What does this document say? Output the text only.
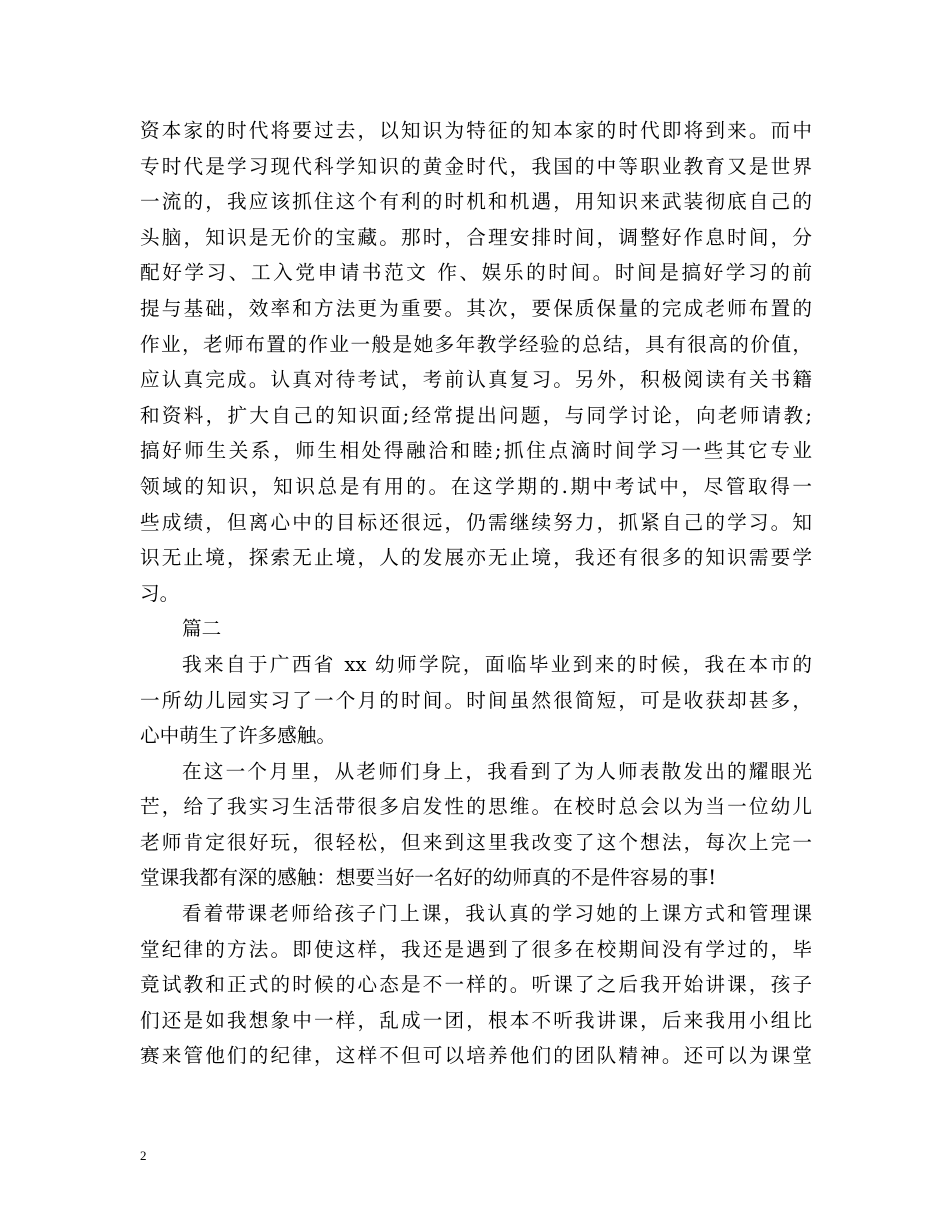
资本家的时代将要过去，以知识为特征的知本家的时代即将到来。而中
专时代是学习现代科学知识的黄金时代，我国的中等职业教育又是世界
一流的，我应该抓住这个有利的时机和机遇，用知识来武装彻底自己的
头脑，知识是无价的宝藏。那时，合理安排时间，调整好作息时间，分
配好学习、工入党申请书范文 作、娱乐的时间。时间是搞好学习的前
提与基础，效率和方法更为重要。其次，要保质保量的完成老师布置的
作业，老师布置的作业一般是她多年教学经验的总结，具有很高的价值，
应认真完成。认真对待考试，考前认真复习。另外，积极阅读有关书籍
和资料，扩大自己的知识面;经常提出问题，与同学讨论，向老师请教;
搞好师生关系，师生相处得融洽和睦;抓住点滴时间学习一些其它专业
领域的知识，知识总是有用的。在这学期的.期中考试中，尽管取得一
些成绩，但离心中的目标还很远，仍需继续努力，抓紧自己的学习。知
识无止境，探索无止境，人的发展亦无止境，我还有很多的知识需要学
习。
篇二
我来自于广西省 xx 幼师学院，面临毕业到来的时候，我在本市的
一所幼儿园实习了一个月的时间。时间虽然很简短，可是收获却甚多，
心中萌生了许多感触。
在这一个月里，从老师们身上，我看到了为人师表散发出的耀眼光
芒，给了我实习生活带很多启发性的思维。在校时总会以为当一位幼儿
老师肯定很好玩，很轻松，但来到这里我改变了这个想法，每次上完一
堂课我都有深的感触：想要当好一名好的幼师真的不是件容易的事!
看着带课老师给孩子门上课，我认真的学习她的上课方式和管理课
堂纪律的方法。即使这样，我还是遇到了很多在校期间没有学过的，毕
竟试教和正式的时候的心态是不一样的。听课了之后我开始讲课，孩子
们还是如我想象中一样，乱成一团，根本不听我讲课，后来我用小组比
赛来管他们的纪律，这样不但可以培养他们的团队精神。还可以为课堂
2
